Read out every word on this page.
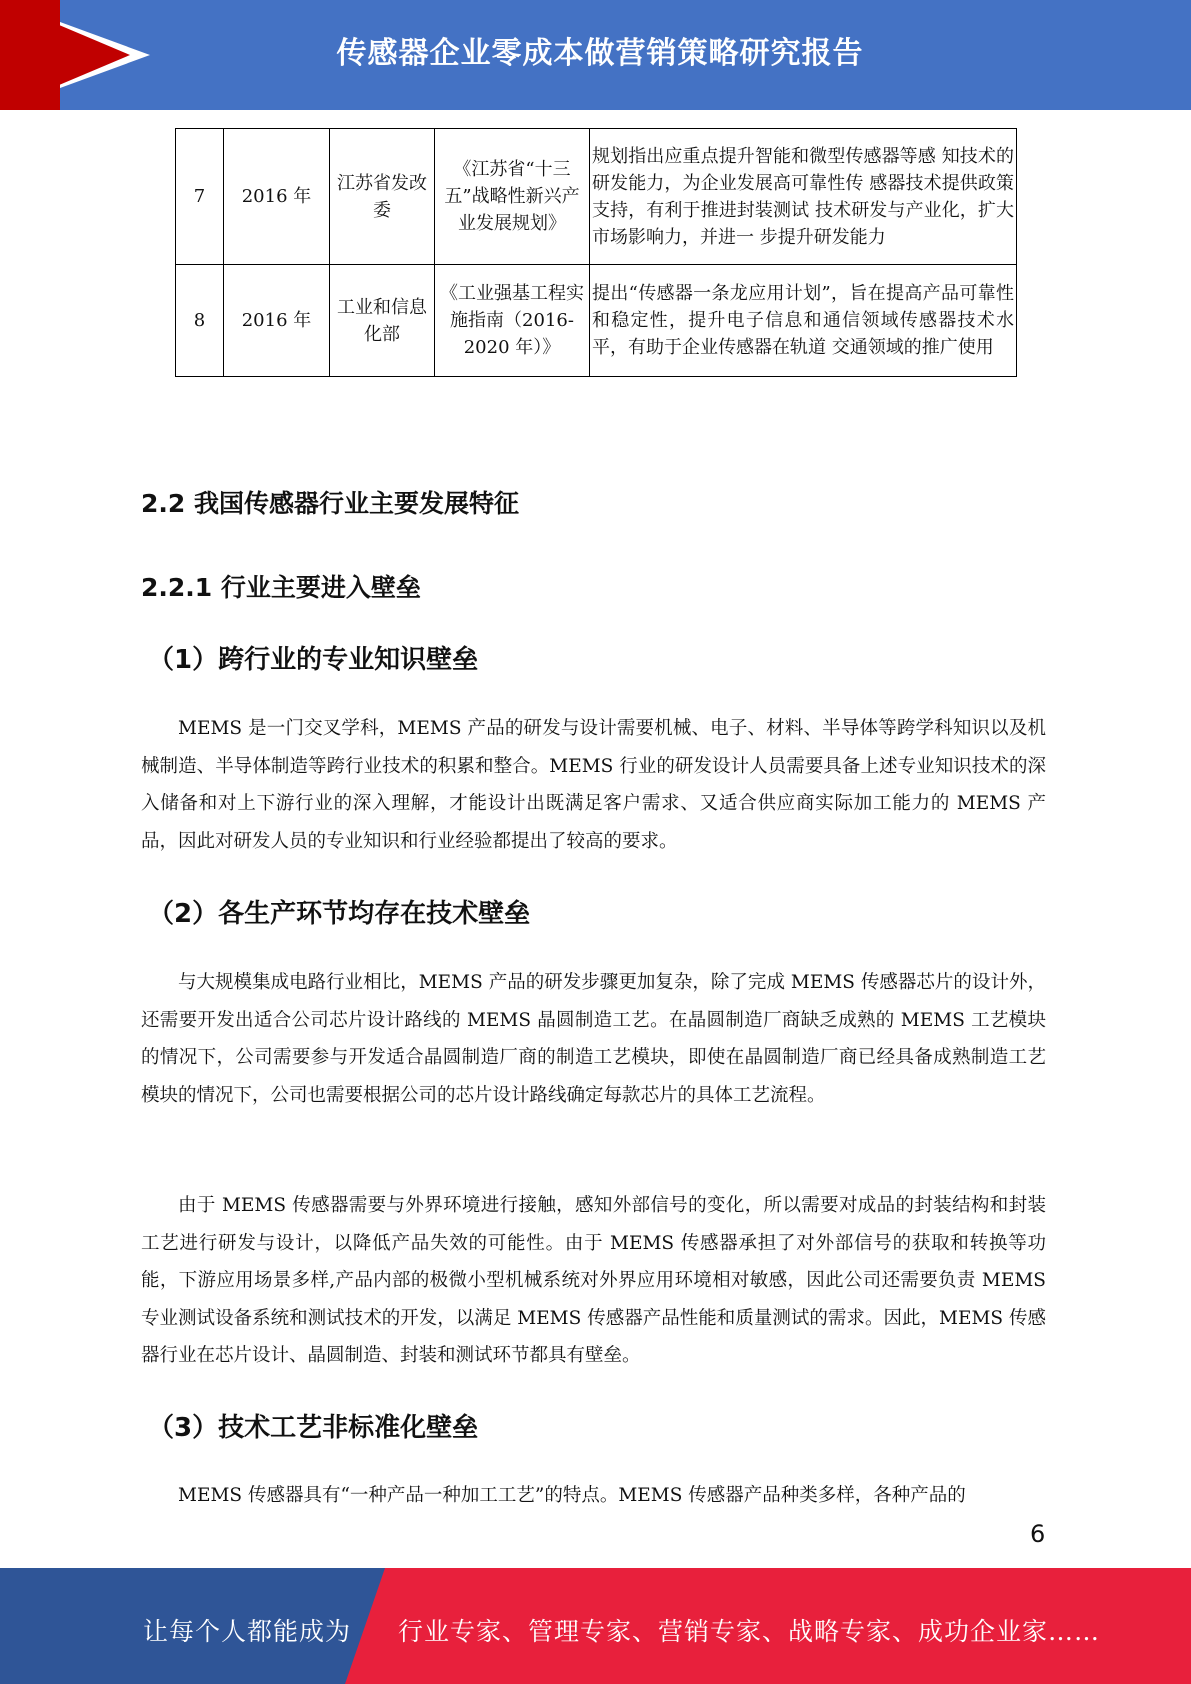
传感器企业零成本做营销策略研究报告
7	2016 年	江苏省发改委	《江苏省“十三五”战略性新兴产业发展规划》	规划指出应重点提升智能和微型传感器等感 知技术的研发能力，为企业发展高可靠性传 感器技术提供政策支持，有利于推进封装测试 技术研发与产业化，扩大市场影响力，并进一 步提升研发能力
8	2016 年	工业和信息化部	《工业强基工程实施指南（2016-2020 年）》	提出“传感器一条龙应用计划”，旨在提高产品可靠性和稳定性，提升电子信息和通信领域传感器技术水平，有助于企业传感器在轨道 交通领域的推广使用
2.2 我国传感器行业主要发展特征
2.2.1 行业主要进入壁垒
（1）跨行业的专业知识壁垒
MEMS 是一门交叉学科，MEMS 产品的研发与设计需要机械、电子、材料、半导体等跨学科知识以及机械制造、半导体制造等跨行业技术的积累和整合。MEMS 行业的研发设计人员需要具备上述专业知识技术的深入储备和对上下游行业的深入理解，才能设计出既满足客户需求、又适合供应商实际加工能力的 MEMS 产品，因此对研发人员的专业知识和行业经验都提出了较高的要求。
（2）各生产环节均存在技术壁垒
与大规模集成电路行业相比，MEMS 产品的研发步骤更加复杂，除了完成 MEMS 传感器芯片的设计外，还需要开发出适合公司芯片设计路线的 MEMS 晶圆制造工艺。在晶圆制造厂商缺乏成熟的 MEMS 工艺模块的情况下，公司需要参与开发适合晶圆制造厂商的制造工艺模块，即使在晶圆制造厂商已经具备成熟制造工艺模块的情况下，公司也需要根据公司的芯片设计路线确定每款芯片的具体工艺流程。
由于 MEMS 传感器需要与外界环境进行接触，感知外部信号的变化，所以需要对成品的封装结构和封装工艺进行研发与设计，以降低产品失效的可能性。由于 MEMS 传感器承担了对外部信号的获取和转换等功能，下游应用场景多样,产品内部的极微小型机械系统对外界应用环境相对敏感，因此公司还需要负责 MEMS 专业测试设备系统和测试技术的开发，以满足 MEMS 传感器产品性能和质量测试的需求。因此，MEMS 传感器行业在芯片设计、晶圆制造、封装和测试环节都具有壁垒。
（3）技术工艺非标准化壁垒
MEMS 传感器具有“一种产品一种加工工艺”的特点。MEMS 传感器产品种类多样，各种产品的
6
让每个人都能成为 行业专家、管理专家、营销专家、战略专家、成功企业家……
